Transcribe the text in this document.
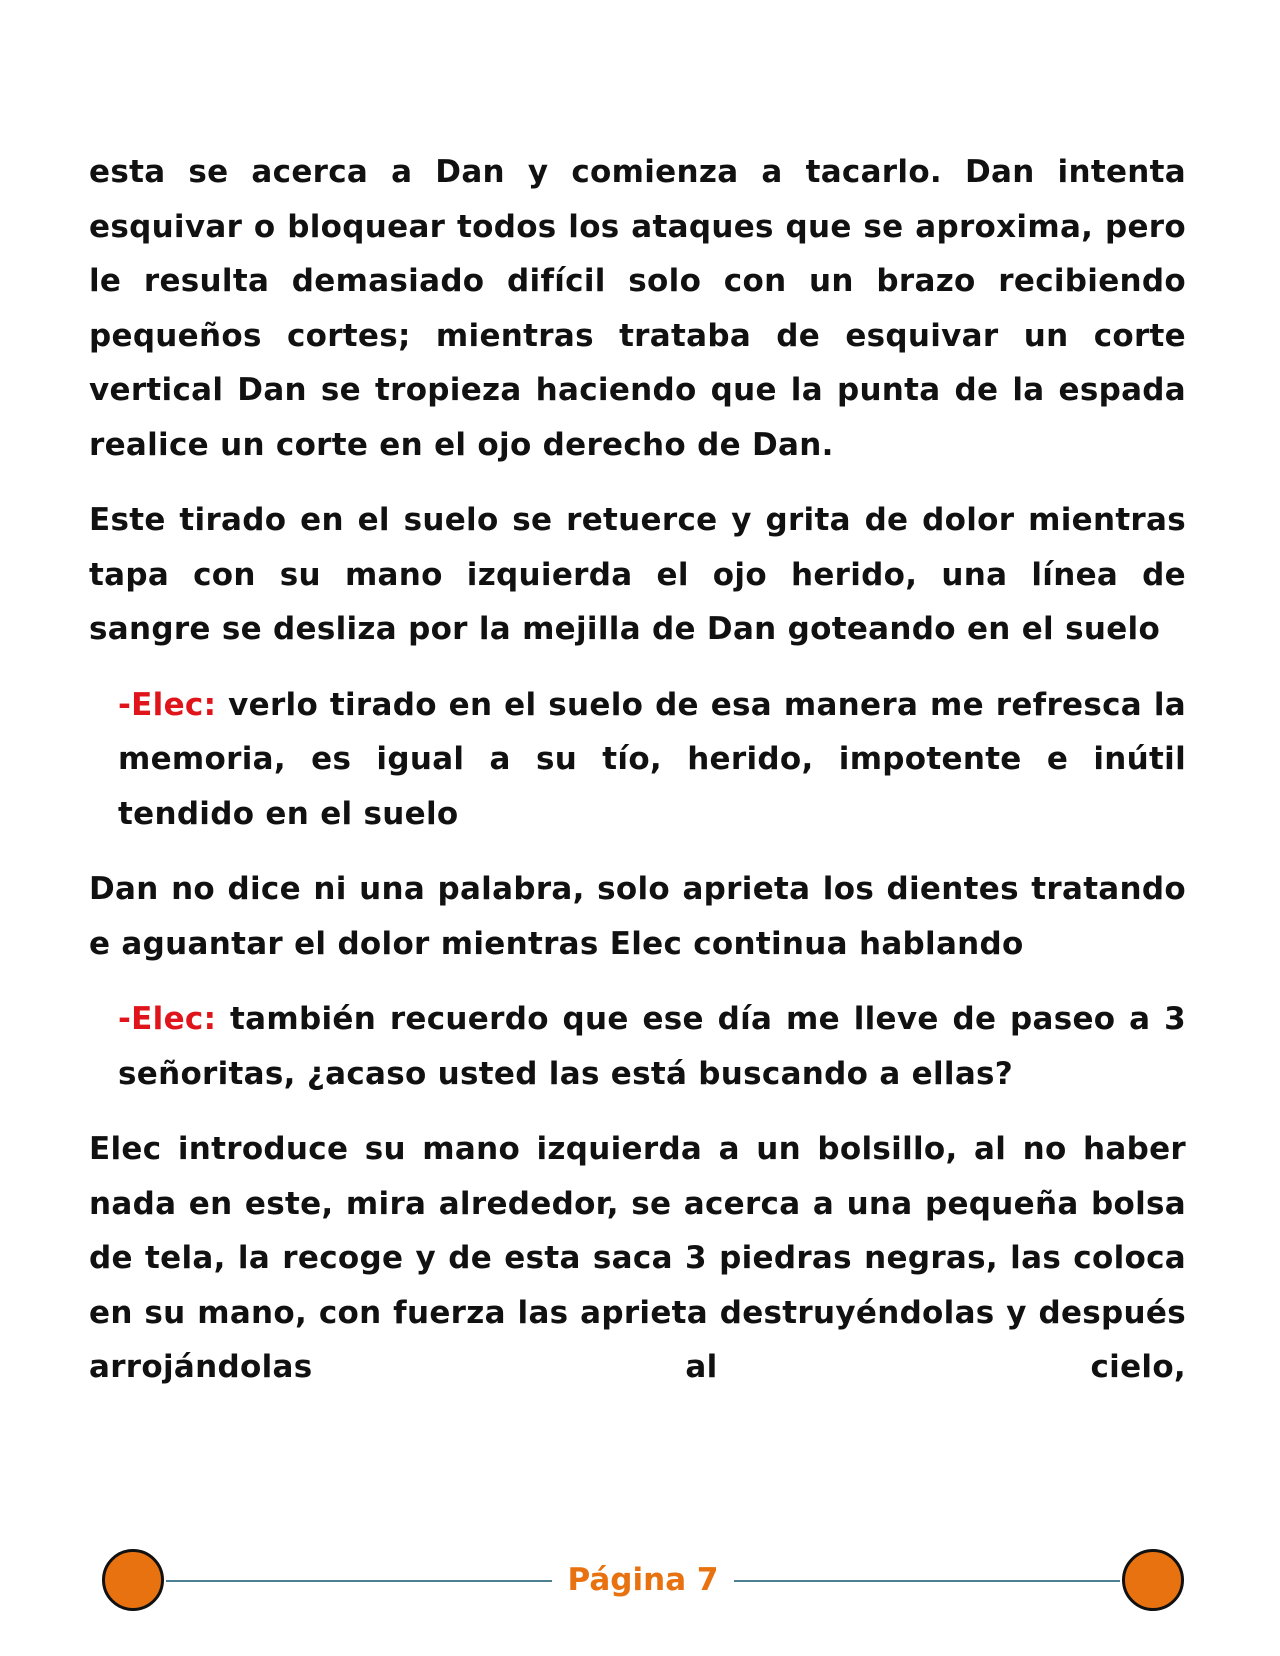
esta se acerca a Dan y comienza a tacarlo. Dan intenta esquivar o bloquear todos los ataques que se aproxima, pero le resulta demasiado difícil solo con un brazo recibiendo pequeños cortes; mientras trataba de esquivar un corte vertical Dan se tropieza haciendo que la punta de la espada realice un corte en el ojo derecho de Dan.

Este tirado en el suelo se retuerce y grita de dolor mientras tapa con su mano izquierda el ojo herido, una línea de sangre se desliza por la mejilla de Dan goteando en el suelo

-Elec: verlo tirado en el suelo de esa manera me refresca la memoria, es igual a su tío, herido, impotente e inútil tendido en el suelo

Dan no dice ni una palabra, solo aprieta los dientes tratando e aguantar el dolor mientras Elec continua hablando

-Elec: también recuerdo que ese día me lleve de paseo a 3 señoritas, ¿acaso usted las está buscando a ellas?

Elec introduce su mano izquierda a un bolsillo, al no haber nada en este, mira alrededor, se acerca a una pequeña bolsa de tela, la recoge y de esta saca 3 piedras negras, las coloca en su mano, con fuerza las aprieta destruyéndolas y después arrojándolas al cielo,

Página 7
